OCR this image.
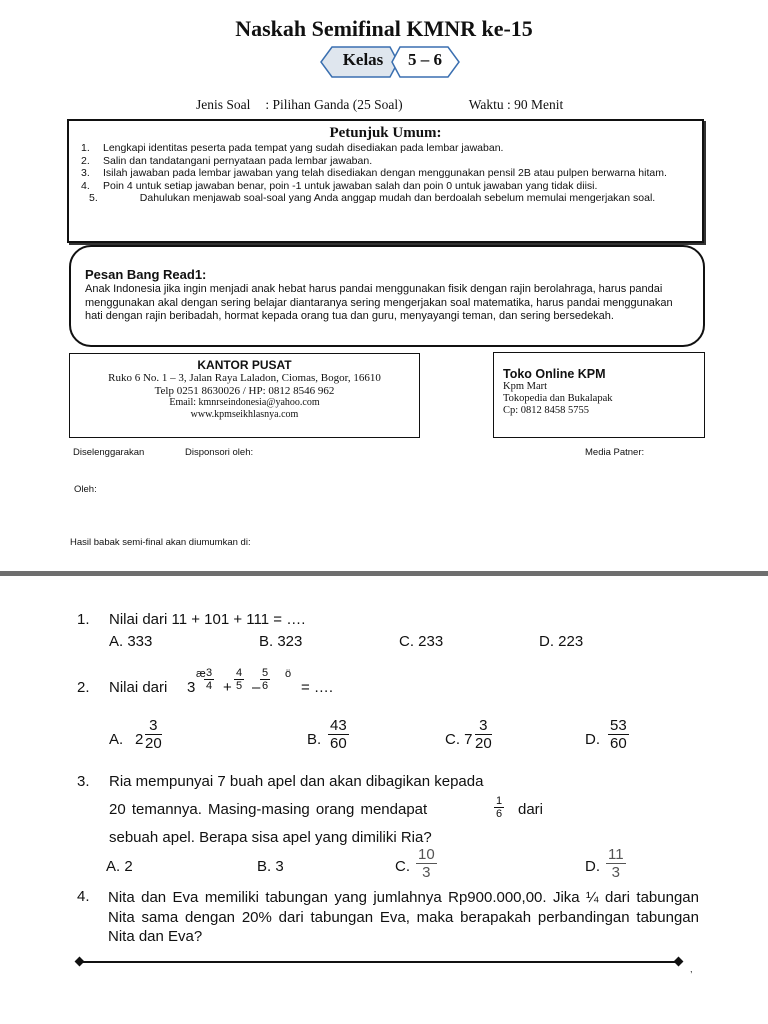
Naskah Semifinal KMNR ke-15
Kelas	5 – 6
Jenis Soal : Pilihan Ganda (25 Soal)	Waktu : 90 Menit
Petunjuk Umum:
1. Lengkapi identitas peserta pada tempat yang sudah disediakan pada lembar jawaban.
2. Salin dan tandatangani pernyataan pada lembar jawaban.
3. Isilah jawaban pada lembar jawaban yang telah disediakan dengan menggunakan pensil 2B atau pulpen berwarna hitam.
4. Poin 4 untuk setiap jawaban benar, poin -1 untuk jawaban salah dan poin 0 untuk jawaban yang tidak diisi.
5.	Dahulukan menjawab soal-soal yang Anda anggap mudah dan berdoalah sebelum memulai mengerjakan soal.
Pesan Bang Read1:
Anak Indonesia jika ingin menjadi anak hebat harus pandai menggunakan fisik dengan rajin berolahraga, harus pandai menggunakan akal dengan sering belajar diantaranya sering mengerjakan soal matematika, harus pandai menggunakan hati dengan rajin beribadah, hormat kepada orang tua dan guru, menyayangi teman, dan sering bersedekah.
KANTOR PUSAT
Ruko 6 No. 1 – 3, Jalan Raya Laladon, Ciomas, Bogor, 16610
Telp 0251 8630026 / HP: 0812 8546 962
Email: kmnrseindonesia@yahoo.com
www.kpmseikhlasnya.com
Toko Online KPM
Kpm Mart
Tokopedia dan Bukalapak
Cp: 0812 8458 5755
Diselenggarakan	Disponsori oleh:	Media Patner:
Oleh:
Hasil babak semi-final akan diumumkan di:
1. Nilai dari 11 + 101 + 111 = ….
A. 333	B. 323	C. 233	D. 223
2. Nilai dari 3
æ
$\frac{3}{4} + \frac{4}{5} - \frac{5}{6}$ ö
= ….
A. $2 \frac{3}{20}$	B. $\frac{43}{60}$	C. $7 \frac{3}{20}$	D. $\frac{53}{60}$
3. Ria mempunyai 7 buah apel dan akan dibagikan kepada
20 temannya. Masing-masing orang mendapat	$\frac{1}{6}$ dari
sebuah apel. Berapa sisa apel yang dimiliki Ria?
A. 2	B. 3	C. $\frac{10}{3}$	D. $\frac{11}{3}$
4. Nita dan Eva memiliki tabungan yang jumlahnya Rp900.000,00. Jika ¼ dari tabungan Nita sama dengan 20% dari tabungan Eva, maka berapakah perbandingan tabungan Nita dan Eva?
,
